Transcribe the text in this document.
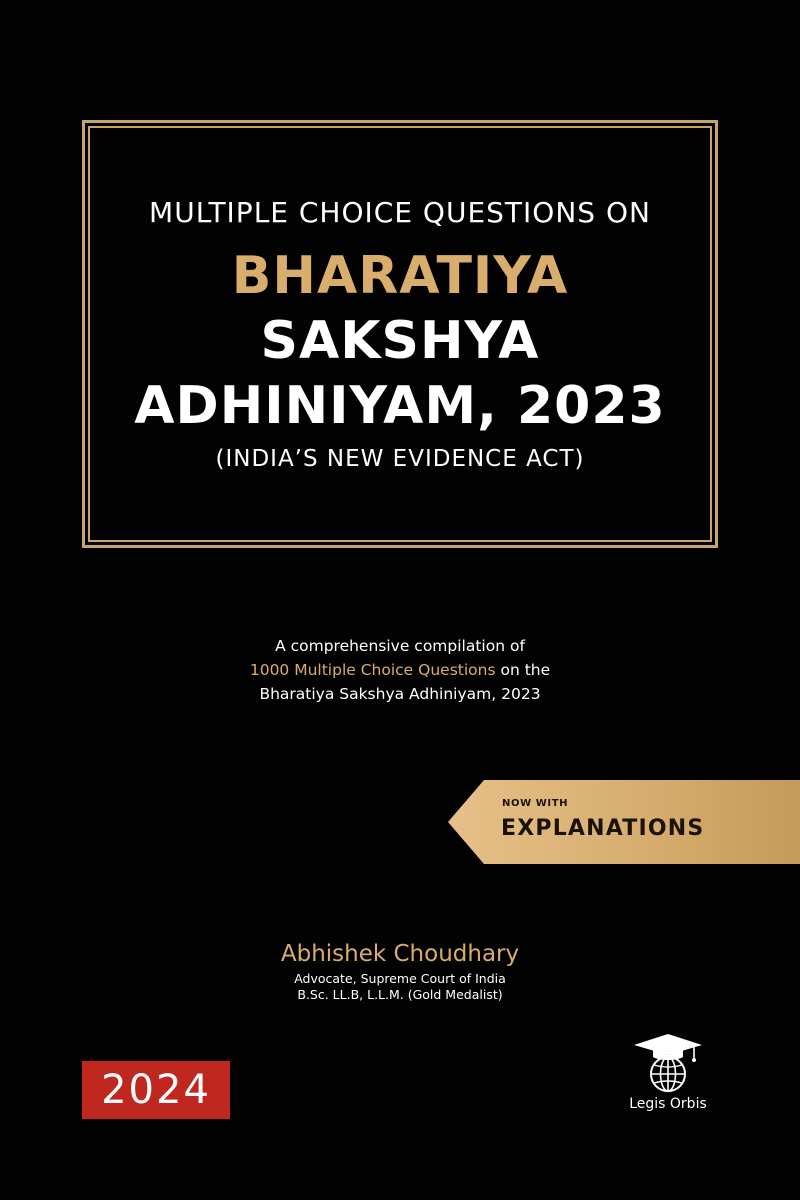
MULTIPLE CHOICE QUESTIONS ON
BHARATIYA
SAKSHYA
ADHINIYAM, 2023
(INDIA’S NEW EVIDENCE ACT)
A comprehensive compilation of
1000 Multiple Choice Questions on the
Bharatiya Sakshya Adhiniyam, 2023
NOW WITH
EXPLANATIONS
Abhishek Choudhary
Advocate, Supreme Court of India
B.Sc. LL.B, L.L.M. (Gold Medalist)
2024	Legis Orbis
